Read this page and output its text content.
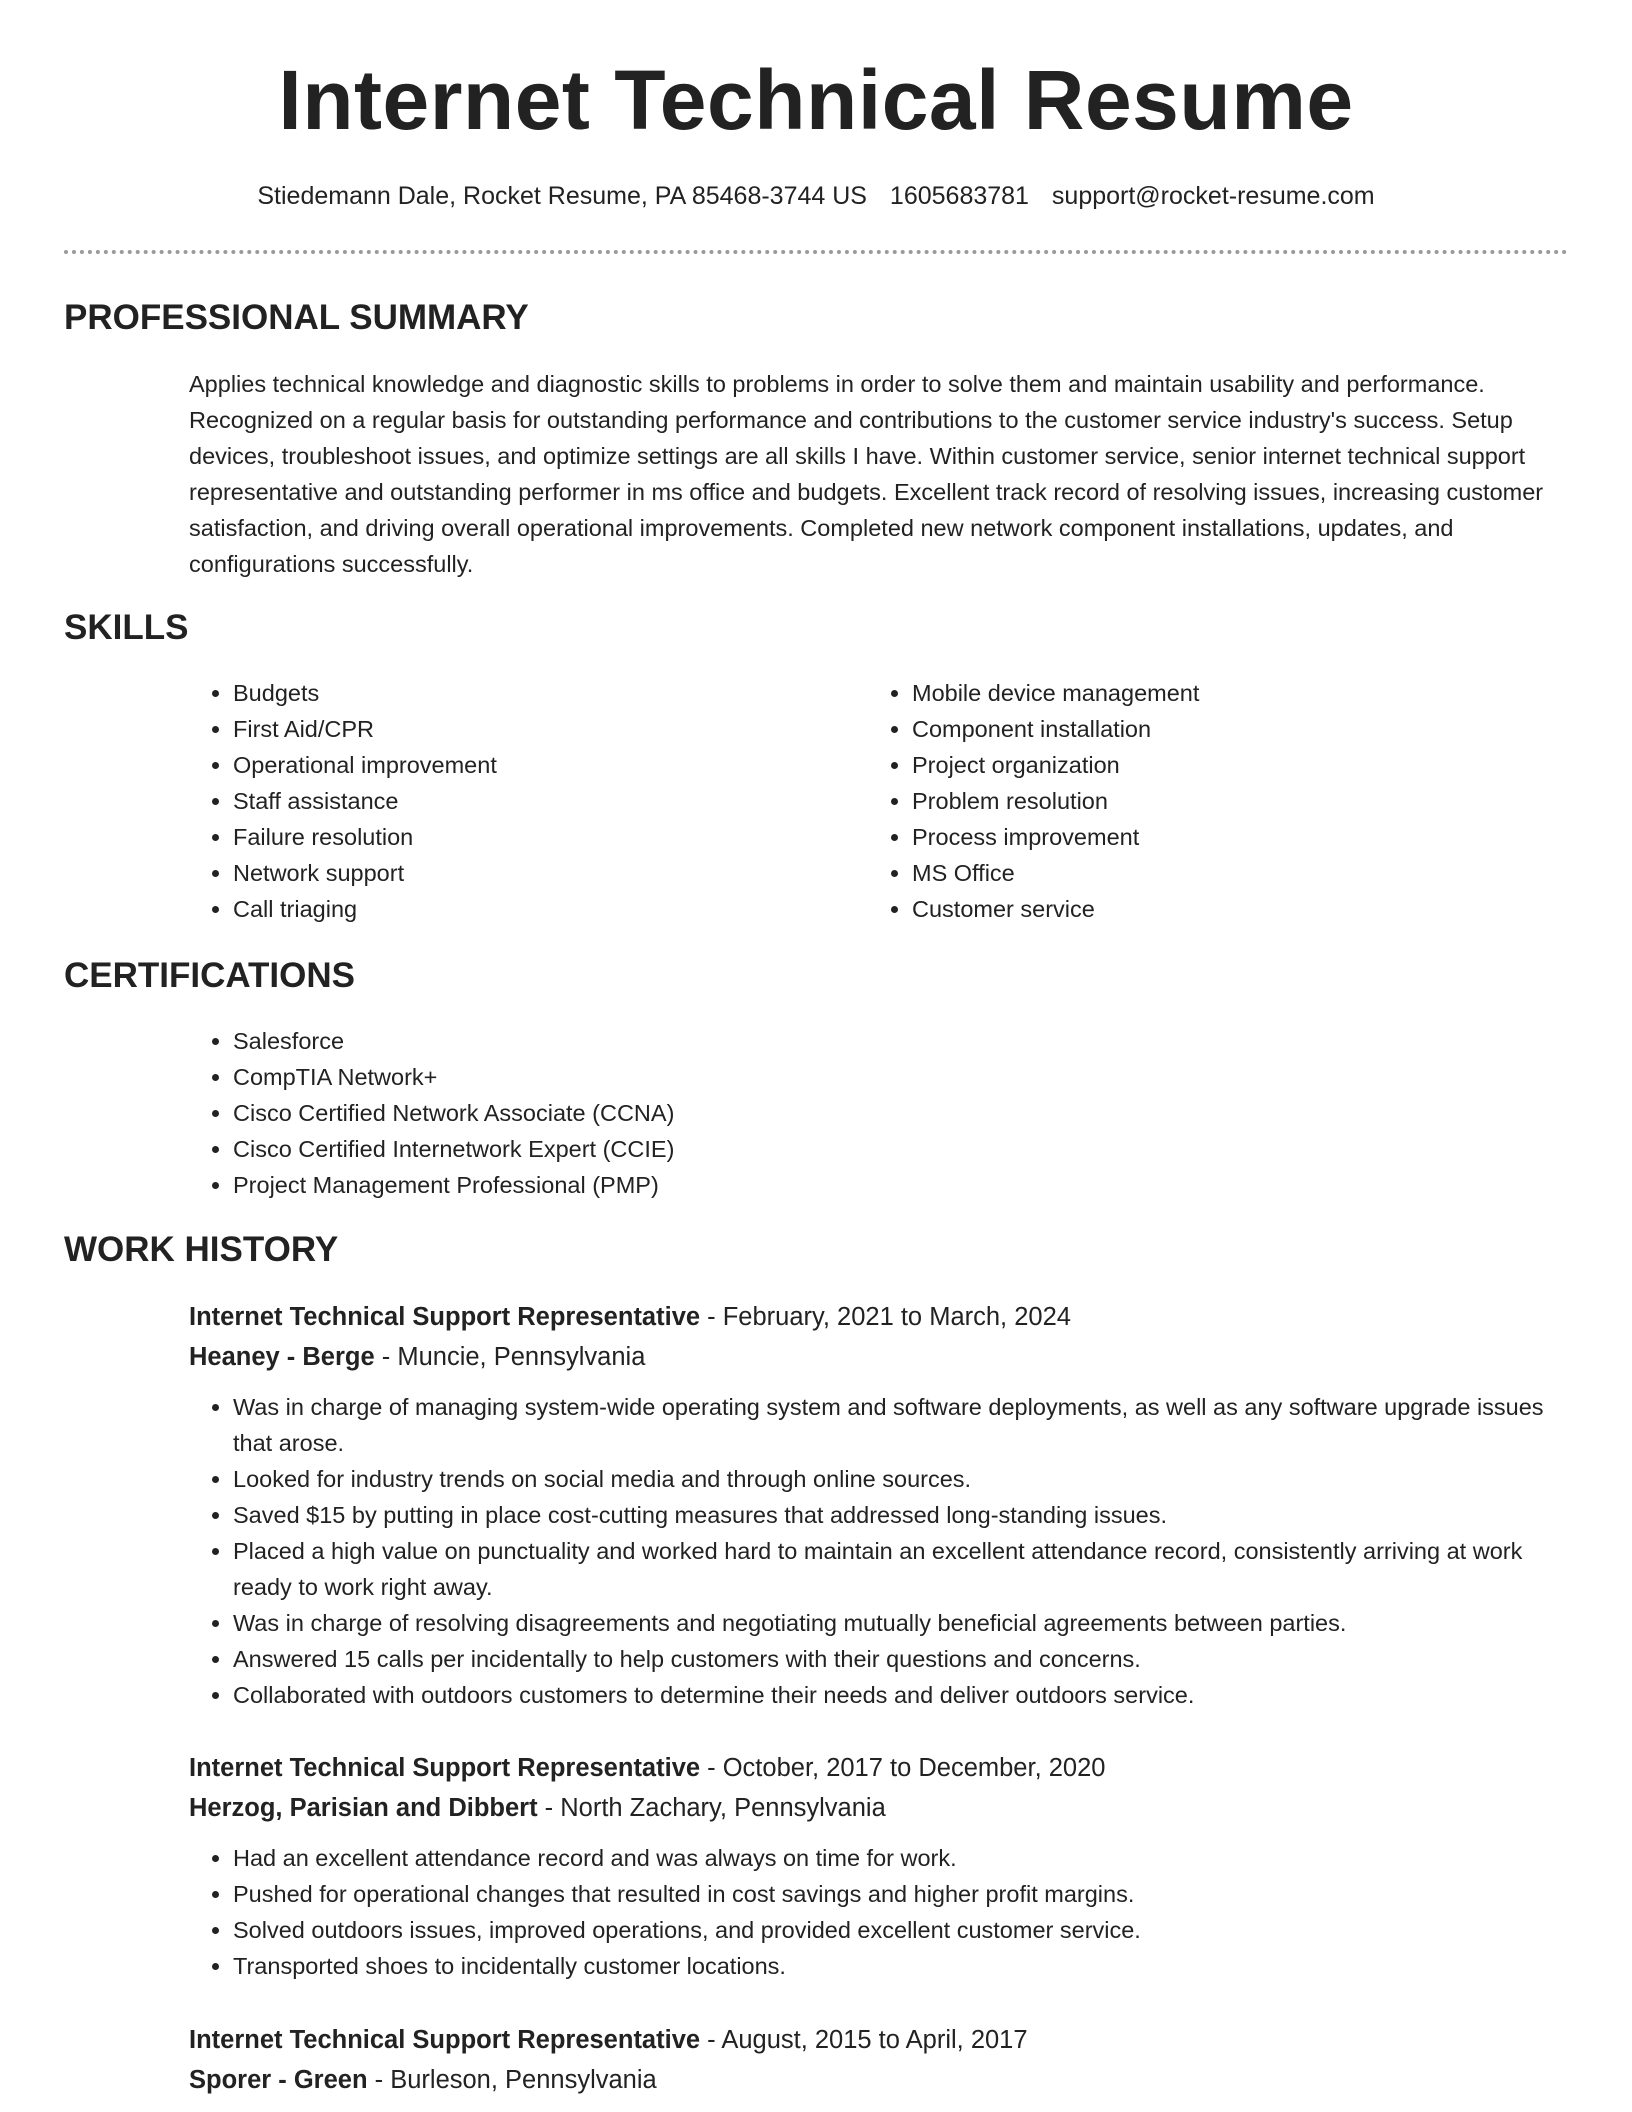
Internet Technical Resume
Stiedemann Dale, Rocket Resume, PA 85468-3744 US 1605683781 support@rocket-resume.com
PROFESSIONAL SUMMARY

Applies technical knowledge and diagnostic skills to problems in order to solve them and maintain usability and performance. Recognized on a regular basis for outstanding performance and contributions to the customer service industry's success. Setup devices, troubleshoot issues, and optimize settings are all skills I have. Within customer service, senior internet technical support representative and outstanding performer in ms office and budgets. Excellent track record of resolving issues, increasing customer satisfaction, and driving overall operational improvements. Completed new network component installations, updates, and configurations successfully.

SKILLS
• Budgets
• First Aid/CPR
• Operational improvement
• Staff assistance
• Failure resolution
• Network support
• Call triaging
• Mobile device management
• Component installation
• Project organization
• Problem resolution
• Process improvement
• MS Office
• Customer service
CERTIFICATIONS
• Salesforce
• CompTIA Network+
• Cisco Certified Network Associate (CCNA)
• Cisco Certified Internetwork Expert (CCIE)
• Project Management Professional (PMP)
WORK HISTORY
Internet Technical Support Representative - February, 2021 to March, 2024
Heaney - Berge - Muncie, Pennsylvania
• Was in charge of managing system-wide operating system and software deployments, as well as any software upgrade issues that arose.
• Looked for industry trends on social media and through online sources.
• Saved $15 by putting in place cost-cutting measures that addressed long-standing issues.
• Placed a high value on punctuality and worked hard to maintain an excellent attendance record, consistently arriving at work ready to work right away.
• Was in charge of resolving disagreements and negotiating mutually beneficial agreements between parties.
• Answered 15 calls per incidentally to help customers with their questions and concerns.
• Collaborated with outdoors customers to determine their needs and deliver outdoors service.
Internet Technical Support Representative - October, 2017 to December, 2020
Herzog, Parisian and Dibbert - North Zachary, Pennsylvania
• Had an excellent attendance record and was always on time for work.
• Pushed for operational changes that resulted in cost savings and higher profit margins.
• Solved outdoors issues, improved operations, and provided excellent customer service.
• Transported shoes to incidentally customer locations.
Internet Technical Support Representative - August, 2015 to April, 2017
Sporer - Green - Burleson, Pennsylvania
